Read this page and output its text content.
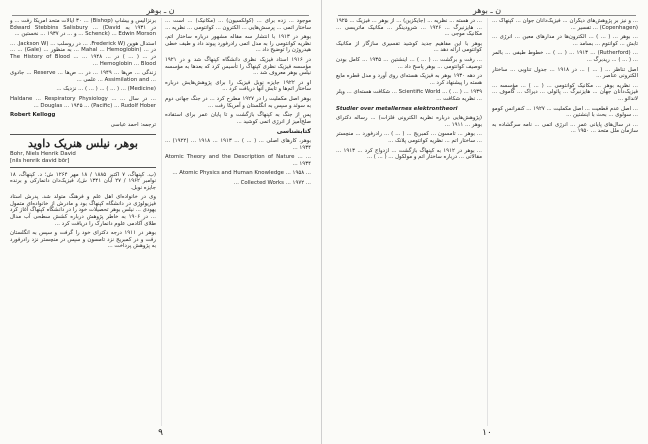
ن ـ بوهر

موجود ... زده برای ... (کولکسیون) ... (مکانیک) ... است ... ساختار اتمی ... پرسش‌هایی ... الکترون ... کوانتومی ... نظریه ...

بوهر در ۱۹۱۳ با انتشار سه مقاله مشهور درباره ساختار اتم، نظریه کوانتومی را به مدل اتمی رادرفورد پیوند داد و طیف خطی هیدروژن را توضیح داد ...

در ۱۹۱۶ استاد فیزیک نظری دانشگاه کپنهاگ شد و در ۱۹۲۱ مؤسسه فیزیک نظری کپنهاگ را تأسیس کرد که بعدها به مؤسسه نیلس بوهر معروف شد ...

او در ۱۹۲۲ جایزه نوبل فیزیک را برای پژوهش‌هایش درباره ساختار اتم‌ها و تابش آنها دریافت کرد ...

بوهر اصل مکملیت را در ۱۹۲۷ مطرح کرد ... در جنگ جهانی دوم به سوئد و سپس به انگلستان و آمریکا رفت ...

پس از جنگ به کپنهاگ بازگشت و تا پایان عمر برای استفاده صلح‌آمیز از انرژی اتمی کوشید ...

کتابشناسی

بوهر، کارهای اصلی ... ( ... ) ... ۱۹۱۳ ... ۱۹۱۸ ... (۱۹۲۲) ... ۱۹۳۴ ...

... Atomic Theory and the Description of Nature ... ۱۹۳۴ ...

... Atomic Physics and Human Knowledge ... ۱۹۵۸ ...

... Collected Works ... ۱۹۷۲ ...

برنزالیس و بیشاپ (Bishop) ... ۳۰ ایالات متحد آمریکا رفت ... و در ۱۹۳۱ به Edward Stebbins Salisbury ... (David Schenck) ... Edwin Morson ... و ... در ۱۹۳۷ ... نخستین ...

استدال هوین (Frederick W. ... در روسلب ... (Jackson W. ... در ... (Mahal ... Hemoglobin ... به منظور ... (Gale) ... ... در ... ( ... ) در ... ۱۹۴۸ ... The History of Blood ... Hemoglobin ... Blood ...

زندگی ... ص‌ها ... ۱۹۴۹ ... در ... ص‌ها ... Reserve ... جادوی ... Assimilation and ... علمی ...

(Medicine) ... ( ... ) ... ( ... ) ... نزدیک ...

... در سال ... Haldane ... Respiratory Physiology ... Douglas ... ۱۹۴۵ ... (Pacific) ... Rudolf Hober ...

Robert Kellogg

ترجمه: احمد عباسی

بوهر، نیلس هنریک داوید
Bohr, Niels Henrik David
[nils henrik david bōr]

(ب. کپنهاگ، ۷ اکتبر ۱۸۸۵ / ۱۸ مهر ۱۲۶۴ ش؛ د. کپنهاگ، ۱۸ نوامبر ۱۹۶۲ / ۲۷ آبان ۱۳۴۱ ش)، فیزیک‌دان دانمارکی و برنده جایزه نوبل.

وی در خانواده‌ای اهل علم و فرهنگ متولد شد. پدرش استاد فیزیولوژی در دانشگاه کپنهاگ بود و مادرش از خانواده‌ای متمول یهودی ... نیلس بوهر تحصیلات خود را در دانشگاه کپنهاگ آغاز کرد ... در ۱۹۰۶ به خاطر پژوهش درباره کشش سطحی آب مدال طلای آکادمی علوم دانمارک را دریافت کرد ...

بوهر در ۱۹۱۱ درجه دکترای خود را گرفت و سپس به انگلستان رفت و در کمبریج نزد تامسون و سپس در منچستر نزد رادرفورد به پژوهش پرداخت ...

٩
ن ـ بوهر

... و نیز بر پژوهش‌های دیگران ... فیزیک‌دانان جوان ... کپنهاگ ... (Copenhagen) ... تفسیر ...

... بوهر ... ( ... ) ... الکترون‌ها در مدارهای معین ... انرژی ... تابش ... کوانتوم ... بسامد ...

... (Rutherford) ... ۱۹۱۳ ... ( ... ) ... خطوط طیفی ... بالمر ... ( ... ) ... ریدبرگ ...

اصل تناظر ... ( ... ) ... در ۱۹۱۸ ... جدول تناوبی ... ساختار الکترونی عناصر ...

... نظریه بوهر ... مکانیک کوانتومی ... ( ... ) ... مؤسسه ... فیزیک‌دانان جهان ... هایزنبرگ ... پائولی ... دیراک ... گاموف ... لاندائو ...

... اصل عدم قطعیت ... اصل مکملیت ... ۱۹۲۷ ... کنفرانس کومو ... سولوی ... بحث با اینشتین ...

... در سال‌های پایانی عمر ... انرژی اتمی ... نامه سرگشاده به سازمان ملل متحد ... ۱۹۵۰ ...

... در هسته ... نظریه ... (جایگزین) ... از بوهر ... فیزیک ... ۱۹۲۵ ... هایزنبرگ ... ۱۹۲۶ ... شرودینگر ... مکانیک ماتریسی ... مکانیک موجی ...

بوهر با این مفاهیم جدید کوشید تفسیری سازگار از مکانیک کوانتومی ارائه دهد ...

... رفت و برگشت ... ( ... ) ... اینشتین ... ۱۹۳۵ ... کامل بودن توصیف کوانتومی ... بوهر پاسخ داد ...

در دهه ۱۹۳۰ بوهر به فیزیک هسته‌ای روی آورد و مدل قطره مایع هسته را پیشنهاد کرد ...

Scientific World ... ( ... ) ... ۱۹۳۹ ... شکافت هسته‌ای ... ویلر ... نظریه شکافت ...

Studier over metallernes elektrontheori

(پژوهش‌هایی درباره نظریه الکترونی فلزات) ... رساله دکترای بوهر ... ۱۹۱۱ ...

... بوهر ... تامسون ... کمبریج ... ( ... ) ... رادرفورد ... منچستر ... ساختار اتم ... نظریه کوانتومی پلانک ...

... بوهر در ۱۹۱۲ به کپنهاگ بازگشت ... ازدواج کرد ... ۱۹۱۳ ... مقالاتی ... درباره ساختار اتم و مولکول ... ( ... ) ...

١٠
